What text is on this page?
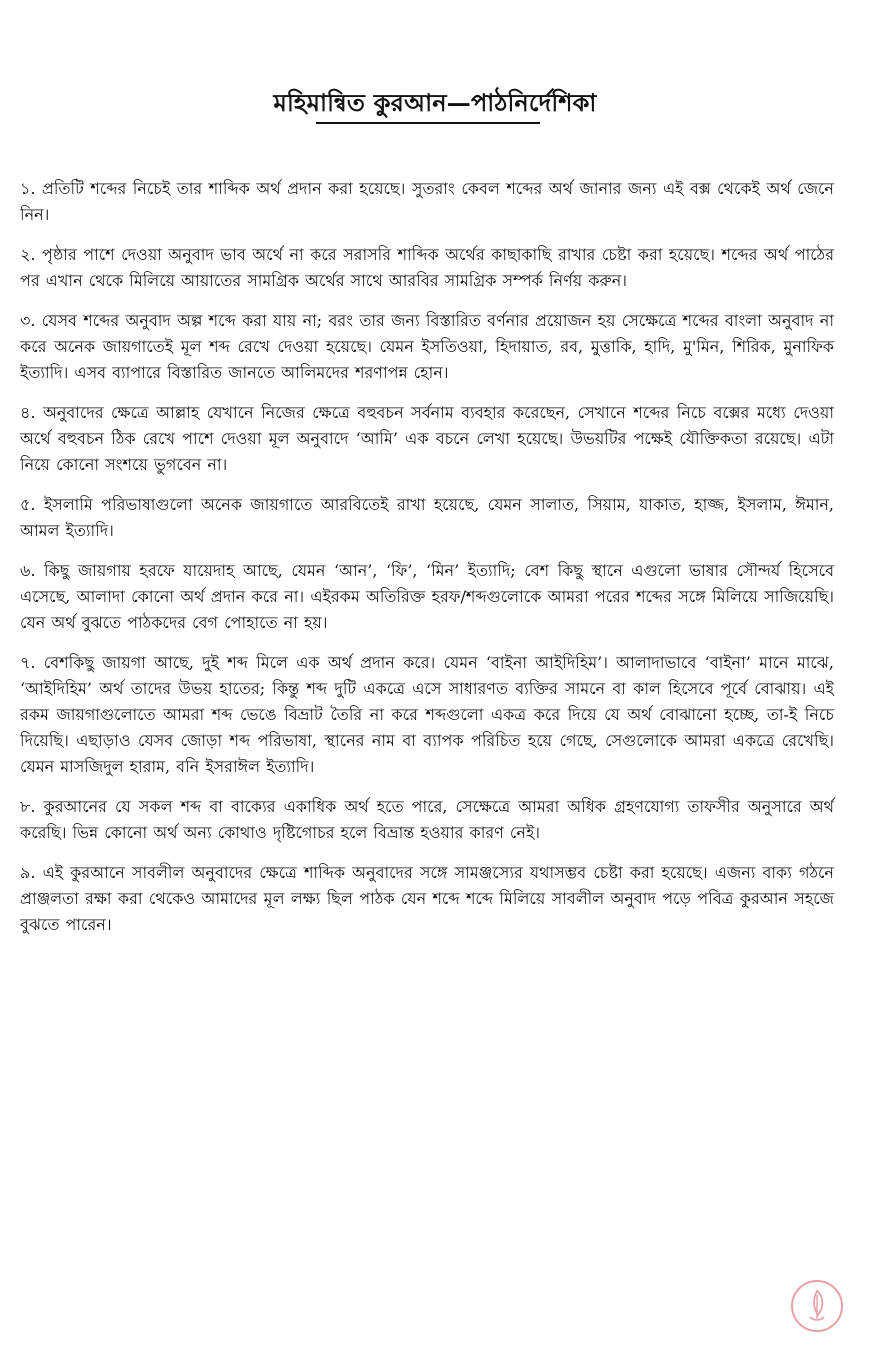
মহিমান্বিত কুরআন—পাঠনির্দেশিকা

১. প্রতিটি শব্দের নিচেই তার শাব্দিক অর্থ প্রদান করা হয়েছে। সুতরাং কেবল শব্দের অর্থ জানার জন্য এই বক্স থেকেই অর্থ জেনে নিন।

২. পৃষ্ঠার পাশে দেওয়া অনুবাদ ভাব অর্থে না করে সরাসরি শাব্দিক অর্থের কাছাকাছি রাখার চেষ্টা করা হয়েছে। শব্দের অর্থ পাঠের পর এখান থেকে মিলিয়ে আয়াতের সামগ্রিক অর্থের সাথে আরবির সামগ্রিক সম্পর্ক নির্ণয় করুন।

৩. যেসব শব্দের অনুবাদ অল্প শব্দে করা যায় না; বরং তার জন্য বিস্তারিত বর্ণনার প্রয়োজন হয় সেক্ষেত্রে শব্দের বাংলা অনুবাদ না করে অনেক জায়গাতেই মূল শব্দ রেখে দেওয়া হয়েছে। যেমন ইসতিওয়া, হিদায়াত, রব, মুত্তাকি, হাদি, মু'মিন, শিরিক, মুনাফিক ইত্যাদি। এসব ব্যাপারে বিস্তারিত জানতে আলিমদের শরণাপন্ন হোন।

৪. অনুবাদের ক্ষেত্রে আল্লাহ যেখানে নিজের ক্ষেত্রে বহুবচন সর্বনাম ব্যবহার করেছেন, সেখানে শব্দের নিচে বক্সের মধ্যে দেওয়া অর্থে বহুবচন ঠিক রেখে পাশে দেওয়া মূল অনুবাদে ‘আমি’ এক বচনে লেখা হয়েছে। উভয়টির পক্ষেই যৌক্তিকতা রয়েছে। এটা নিয়ে কোনো সংশয়ে ভুগবেন না।

৫. ইসলামি পরিভাষাগুলো অনেক জায়গাতে আরবিতেই রাখা হয়েছে, যেমন সালাত, সিয়াম, যাকাত, হাজ্জ, ইসলাম, ঈমান, আমল ইত্যাদি।

৬. কিছু জায়গায় হরফে যায়েদাহ আছে, যেমন ‘আন’, ‘ফি’, ‘মিন’ ইত্যাদি; বেশ কিছু স্থানে এগুলো ভাষার সৌন্দর্য হিসেবে এসেছে, আলাদা কোনো অর্থ প্রদান করে না। এইরকম অতিরিক্ত হরফ/শব্দগুলোকে আমরা পরের শব্দের সঙ্গে মিলিয়ে সাজিয়েছি। যেন অর্থ বুঝতে পাঠকদের বেগ পোহাতে না হয়।

৭. বেশকিছু জায়গা আছে, দুই শব্দ মিলে এক অর্থ প্রদান করে। যেমন ‘বাইনা আইদিহিম’। আলাদাভাবে ‘বাইনা’ মানে মাঝে, ‘আইদিহিম’ অর্থ তাদের উভয় হাতের; কিন্তু শব্দ দুটি একত্রে এসে সাধারণত ব্যক্তির সামনে বা কাল হিসেবে পূর্বে বোঝায়। এই রকম জায়গাগুলোতে আমরা শব্দ ভেঙে বিভ্রাট তৈরি না করে শব্দগুলো একত্র করে দিয়ে যে অর্থ বোঝানো হচ্ছে, তা-ই নিচে দিয়েছি। এছাড়াও যেসব জোড়া শব্দ পরিভাষা, স্থানের নাম বা ব্যাপক পরিচিত হয়ে গেছে, সেগুলোকে আমরা একত্রে রেখেছি। যেমন মাসজিদুল হারাম, বনি ইসরাঈল ইত্যাদি।

৮. কুরআনের যে সকল শব্দ বা বাক্যের একাধিক অর্থ হতে পারে, সেক্ষেত্রে আমরা অধিক গ্রহণযোগ্য তাফসীর অনুসারে অর্থ করেছি। ভিন্ন কোনো অর্থ অন্য কোথাও দৃষ্টিগোচর হলে বিভ্রান্ত হওয়ার কারণ নেই।

৯. এই কুরআনে সাবলীল অনুবাদের ক্ষেত্রে শাব্দিক অনুবাদের সঙ্গে সামঞ্জস্যের যথাসম্ভব চেষ্টা করা হয়েছে। এজন্য বাক্য গঠনে প্রাঞ্জলতা রক্ষা করা থেকেও আমাদের মূল লক্ষ্য ছিল পাঠক যেন শব্দে শব্দে মিলিয়ে সাবলীল অনুবাদ পড়ে পবিত্র কুরআন সহজে বুঝতে পারেন।
